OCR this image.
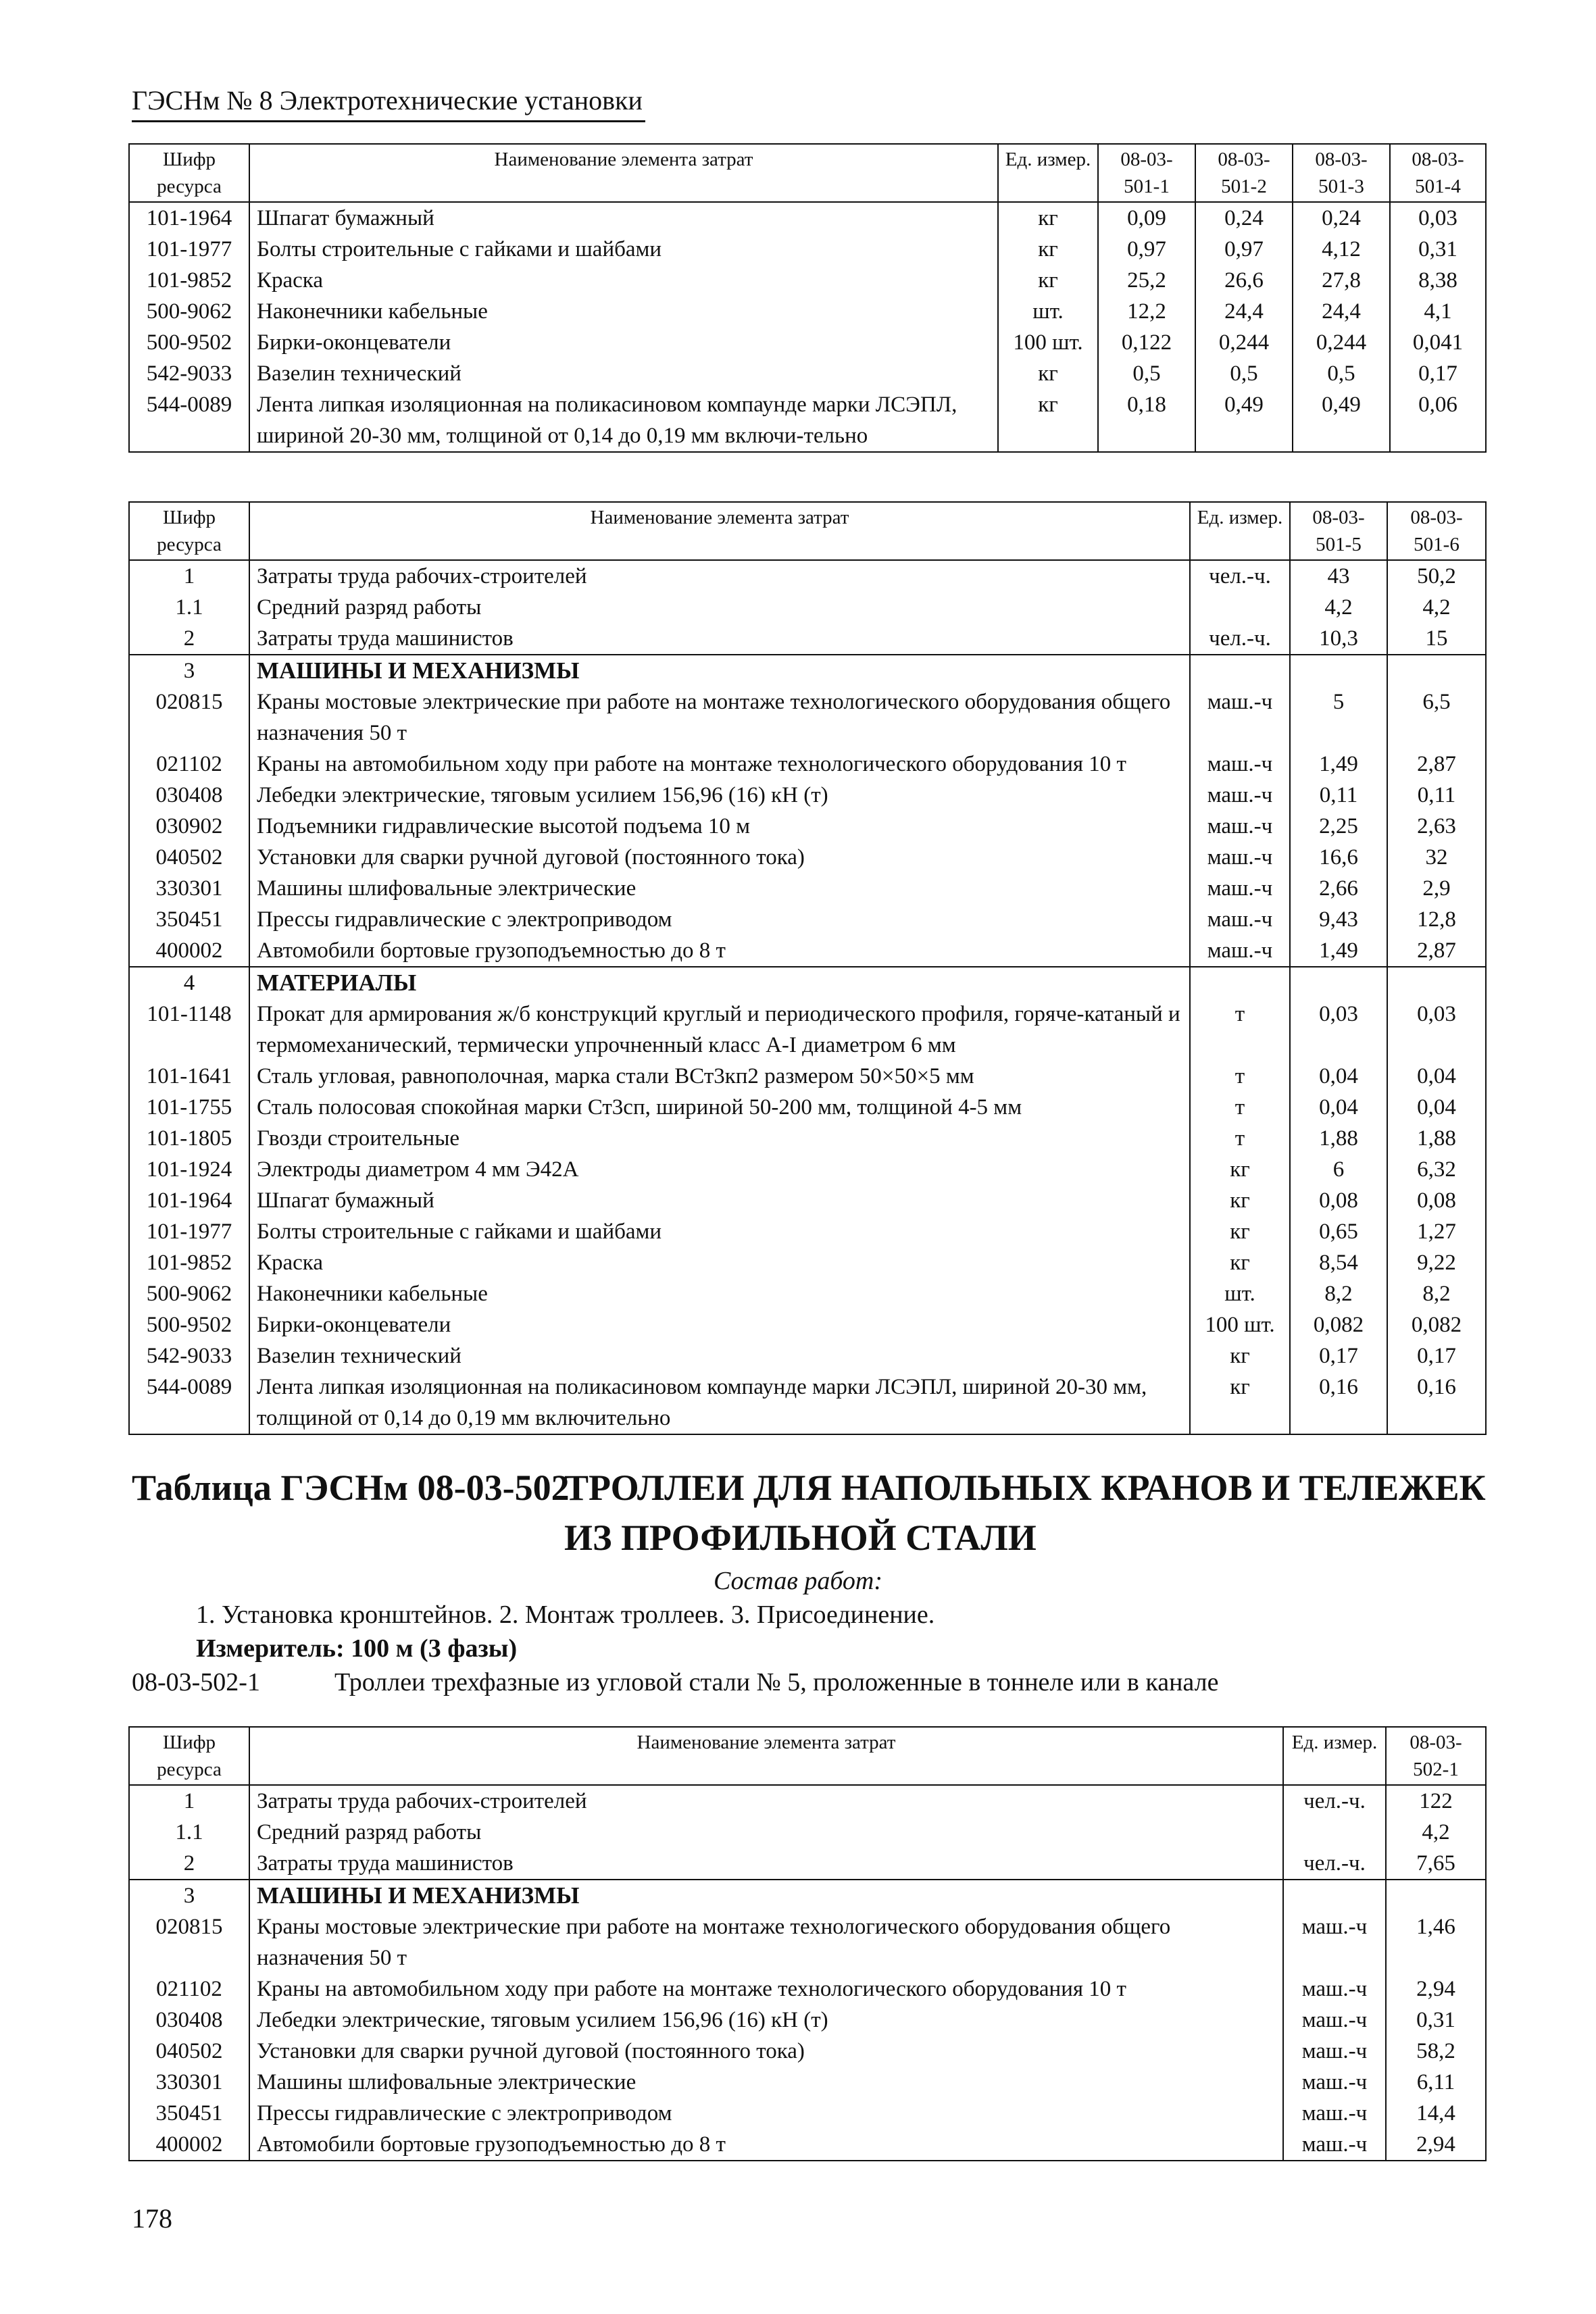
ГЭСНм № 8 Электротехнические установки
Шифр ресурса	Наименование элемента затрат	Ед. измер.	08-03-501-1	08-03-501-2	08-03-501-3	08-03-501-4
101-1964	Шпагат бумажный	кг	0,09	0,24	0,24	0,03
101-1977	Болты строительные с гайками и шайбами	кг	0,97	0,97	4,12	0,31
101-9852	Краска	кг	25,2	26,6	27,8	8,38
500-9062	Наконечники кабельные	шт.	12,2	24,4	24,4	4,1
500-9502	Бирки-оконцеватели	100 шт.	0,122	0,244	0,244	0,041
542-9033	Вазелин технический	кг	0,5	0,5	0,5	0,17
544-0089	Лента липкая изоляционная на поликасиновом компаунде марки ЛСЭПЛ, шириной 20-30 мм, толщиной от 0,14 до 0,19 мм включи-тельно	кг	0,18	0,49	0,49	0,06
Шифр ресурса	Наименование элемента затрат	Ед. измер.	08-03-501-5	08-03-501-6
1	Затраты труда рабочих-строителей	чел.-ч.	43	50,2
1.1	Средний разряд работы		4,2	4,2
2	Затраты труда машинистов	чел.-ч.	10,3	15
3	МАШИНЫ И МЕХАНИЗМЫ			
020815	Краны мостовые электрические при работе на монтаже технологического оборудования общего назначения 50 т	маш.-ч	5	6,5
021102	Краны на автомобильном ходу при работе на монтаже технологического оборудования 10 т	маш.-ч	1,49	2,87
030408	Лебедки электрические, тяговым усилием 156,96 (16) кН (т)	маш.-ч	0,11	0,11
030902	Подъемники гидравлические высотой подъема 10 м	маш.-ч	2,25	2,63
040502	Установки для сварки ручной дуговой (постоянного тока)	маш.-ч	16,6	32
330301	Машины шлифовальные электрические	маш.-ч	2,66	2,9
350451	Прессы гидравлические с электроприводом	маш.-ч	9,43	12,8
400002	Автомобили бортовые грузоподъемностью до 8 т	маш.-ч	1,49	2,87
4	МАТЕРИАЛЫ			
101-1148	Прокат для армирования ж/б конструкций круглый и периодического профиля, горяче-катаный и термомеханический, термически упрочненный класс А-I диаметром 6 мм	т	0,03	0,03
101-1641	Сталь угловая, равнополочная, марка стали ВСт3кп2 размером 50×50×5 мм	т	0,04	0,04
101-1755	Сталь полосовая спокойная марки Ст3сп, шириной 50-200 мм, толщиной 4-5 мм	т	0,04	0,04
101-1805	Гвозди строительные	т	1,88	1,88
101-1924	Электроды диаметром 4 мм Э42А	кг	6	6,32
101-1964	Шпагат бумажный	кг	0,08	0,08
101-1977	Болты строительные с гайками и шайбами	кг	0,65	1,27
101-9852	Краска	кг	8,54	9,22
500-9062	Наконечники кабельные	шт.	8,2	8,2
500-9502	Бирки-оконцеватели	100 шт.	0,082	0,082
542-9033	Вазелин технический	кг	0,17	0,17
544-0089	Лента липкая изоляционная на поликасиновом компаунде марки ЛСЭПЛ, шириной 20-30 мм, толщиной от 0,14 до 0,19 мм включительно	кг	0,16	0,16
Таблица ГЭСНм 08-03-502
ТРОЛЛЕИ ДЛЯ НАПОЛЬНЫХ КРАНОВ И ТЕЛЕЖЕК ИЗ ПРОФИЛЬНОЙ СТАЛИ
Состав работ:
1. Установка кронштейнов. 2. Монтаж троллеев. 3. Присоединение.
Измеритель: 100 м (3 фазы)
08-03-502-1	Троллеи трехфазные из угловой стали № 5, проложенные в тоннеле или в канале
Шифр ресурса	Наименование элемента затрат	Ед. измер.	08-03-502-1
1	Затраты труда рабочих-строителей	чел.-ч.	122
1.1	Средний разряд работы		4,2
2	Затраты труда машинистов	чел.-ч.	7,65
3	МАШИНЫ И МЕХАНИЗМЫ		
020815	Краны мостовые электрические при работе на монтаже технологического оборудования общего назначения 50 т	маш.-ч	1,46
021102	Краны на автомобильном ходу при работе на монтаже технологического оборудования 10 т	маш.-ч	2,94
030408	Лебедки электрические, тяговым усилием 156,96 (16) кН (т)	маш.-ч	0,31
040502	Установки для сварки ручной дуговой (постоянного тока)	маш.-ч	58,2
330301	Машины шлифовальные электрические	маш.-ч	6,11
350451	Прессы гидравлические с электроприводом	маш.-ч	14,4
400002	Автомобили бортовые грузоподъемностью до 8 т	маш.-ч	2,94
178
